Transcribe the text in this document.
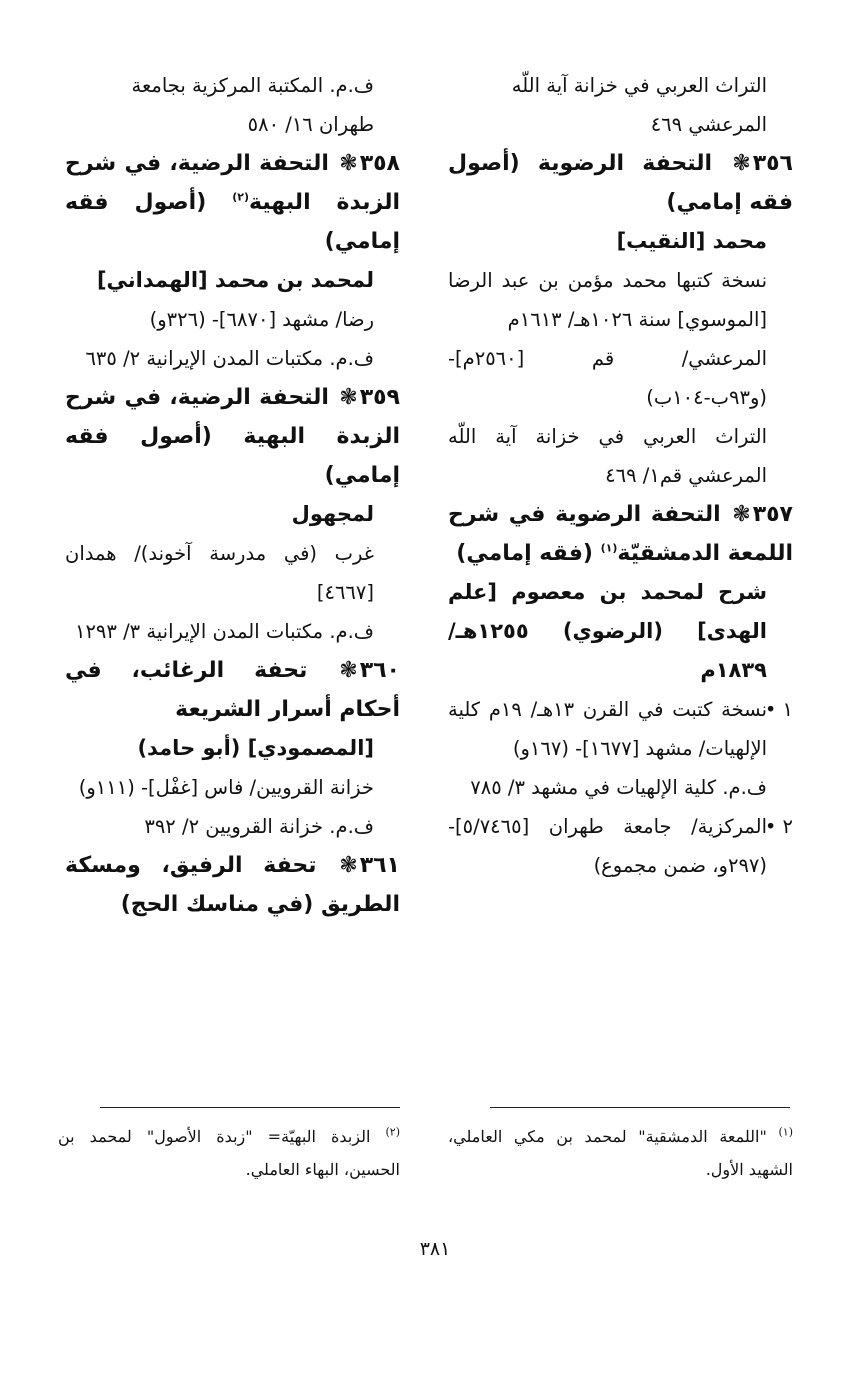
التراث العربي في خزانة آية اللّه

المرعشي ٤٦٩

٣٥٦❃ التحفة الرضوية (أصول فقه إمامي)

محمد [النقيب]

نسخة كتبها محمد مؤمن بن عبد الرضا [الموسوي] سنة ١٠٢٦هـ/ ١٦١٣م

المرعشي/ قم [٢٥٦٠م]- (و٩٣ب-١٠٤ب)

التراث العربي في خزانة آية اللّه المرعشي قم١/ ٤٦٩

٣٥٧❃ التحفة الرضوية في شرح اللمعة الدمشقيّة$^{(١)}$ (فقه إمامي)

شرح لمحمد بن معصوم [علم الهدى] (الرضوي) ١٢٥٥هـ/ ١٨٣٩م

١ •
نسخة كتبت في القرن ١٣هـ/ ١٩م كلية الإلهيات/ مشهد [١٦٧٧]- (١٦٧و)

ف.م. كلية الإلهيات في مشهد ٣/ ٧٨٥

٢ •
المركزية/ جامعة طهران [٥/٧٤٦٥]- (٢٩٧و، ضمن مجموع)

ف.م. المكتبة المركزية بجامعة

طهران ١٦/ ٥٨٠

٣٥٨❃ التحفة الرضية، في شرح الزبدة البهية$^{(٢)}$ (أصول فقه إمامي)

لمحمد بن محمد [الهمداني]

رضا/ مشهد [٦٨٧٠]- (٣٢٦و)

ف.م. مكتبات المدن الإيرانية ٢/ ٦٣٥

٣٥٩❃ التحفة الرضية، في شرح الزبدة البهية (أصول فقه إمامي)

لمجهول

غرب (في مدرسة آخوند)/ همدان [٤٦٦٧]

ف.م. مكتبات المدن الإيرانية ٣/ ١٢٩٣

٣٦٠❃ تحفة الرغائب، في أحكام أسرار الشريعة

[المصمودي] (أبو حامد)

خزانة القرويين/ فاس [غفْل]- (١١١و)

ف.م. خزانة القرويين ٢/ ٣٩٢

٣٦١❃ تحفة الرفيق، ومسكة الطريق (في مناسك الحج)

$^{(١)}$ "اللمعة الدمشقية" لمحمد بن مكي العاملي، الشهيد الأول.
$^{(٢)}$ الزبدة البهيّة= "زبدة الأصول" لمحمد بن الحسين، البهاء العاملي.
٣٨١
